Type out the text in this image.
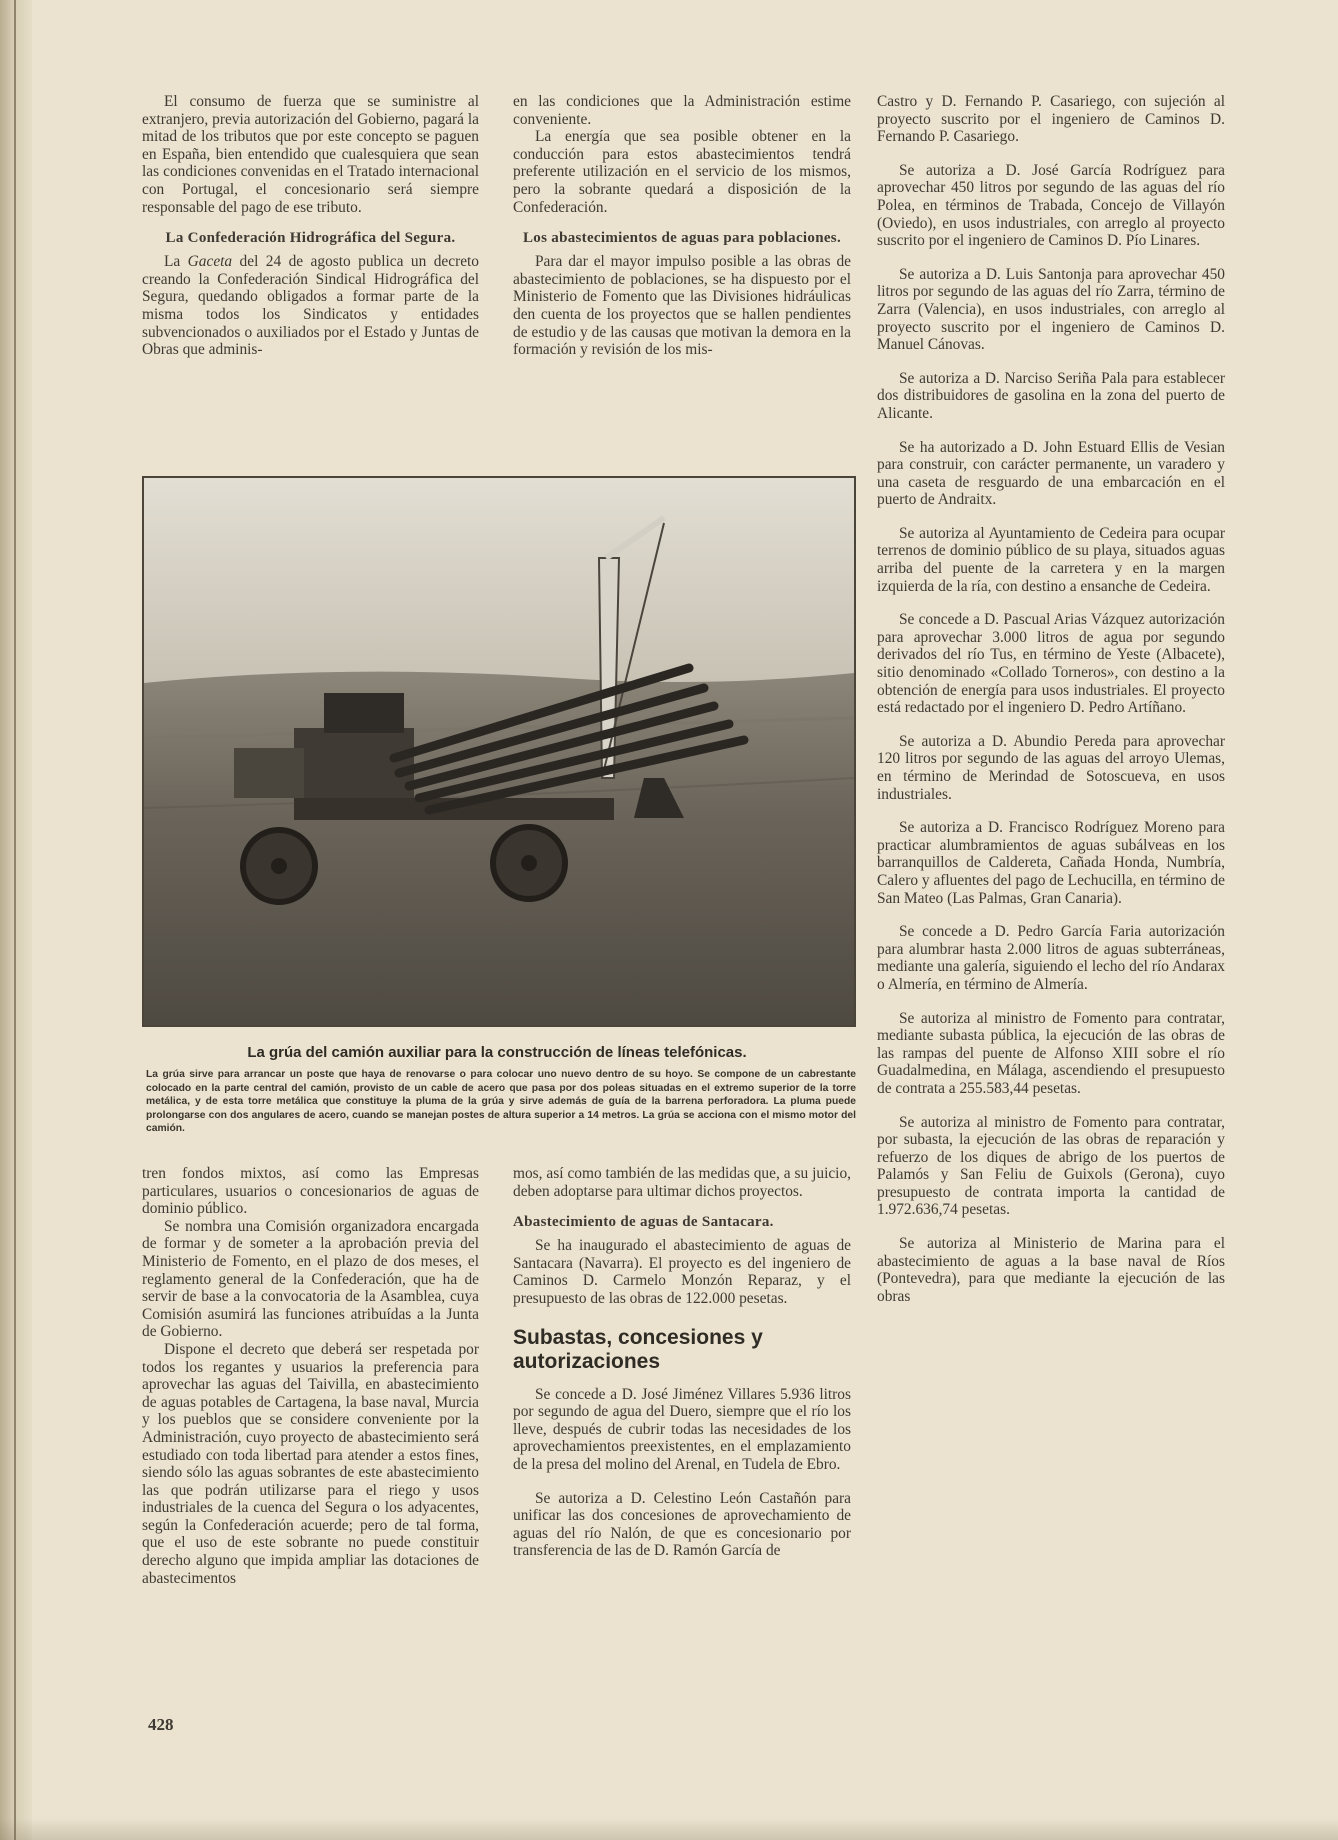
El consumo de fuerza que se suministre al extranjero, previa autorización del Gobierno, pagará la mitad de los tributos que por este concepto se paguen en España, bien entendido que cualesquiera que sean las condiciones convenidas en el Tratado internacional con Portugal, el concesionario será siempre responsable del pago de ese tributo.

La Confederación Hidrográfica del Segura.

La Gaceta del 24 de agosto publica un decreto creando la Confederación Sindical Hidrográfica del Segura, quedando obligados a formar parte de la misma todos los Sindicatos y entidades subvencionados o auxiliados por el Estado y Juntas de Obras que adminis-

en las condiciones que la Administración estime conveniente.

La energía que sea posible obtener en la conducción para estos abastecimientos tendrá preferente utilización en el servicio de los mismos, pero la sobrante quedará a disposición de la Confederación.

Los abastecimientos de aguas para poblaciones.

Para dar el mayor impulso posible a las obras de abastecimiento de poblaciones, se ha dispuesto por el Ministerio de Fomento que las Divisiones hidráulicas den cuenta de los proyectos que se hallen pendientes de estudio y de las causas que motivan la demora en la formación y revisión de los mis-

La grúa del camión auxiliar para la construcción de líneas telefónicas.
La grúa sirve para arrancar un poste que haya de renovarse o para colocar uno nuevo dentro de su hoyo. Se compone de un cabrestante colocado en la parte central del camión, provisto de un cable de acero que pasa por dos poleas situadas en el extremo superior de la torre metálica, y de esta torre metálica que constituye la pluma de la grúa y sirve además de guía de la barrena perforadora. La pluma puede prolongarse con dos angulares de acero, cuando se manejan postes de altura superior a 14 metros. La grúa se acciona con el mismo motor del camión.

tren fondos mixtos, así como las Empresas particulares, usuarios o concesionarios de aguas de dominio público.

Se nombra una Comisión organizadora encargada de formar y de someter a la aprobación previa del Ministerio de Fomento, en el plazo de dos meses, el reglamento general de la Confederación, que ha de servir de base a la convocatoria de la Asamblea, cuya Comisión asumirá las funciones atribuídas a la Junta de Gobierno.

Dispone el decreto que deberá ser respetada por todos los regantes y usuarios la preferencia para aprovechar las aguas del Taivilla, en abastecimiento de aguas potables de Cartagena, la base naval, Murcia y los pueblos que se considere conveniente por la Administración, cuyo proyecto de abastecimiento será estudiado con toda libertad para atender a estos fines, siendo sólo las aguas sobrantes de este abastecimiento las que podrán utilizarse para el riego y usos industriales de la cuenca del Segura o los adyacentes, según la Confederación acuerde; pero de tal forma, que el uso de este sobrante no puede constituir derecho alguno que impida ampliar las dotaciones de abastecimentos

mos, así como también de las medidas que, a su juicio, deben adoptarse para ultimar dichos proyectos.

Abastecimiento de aguas de Santacara.

Se ha inaugurado el abastecimiento de aguas de Santacara (Navarra). El proyecto es del ingeniero de Caminos D. Carmelo Monzón Reparaz, y el presupuesto de las obras de 122.000 pesetas.

Subastas, concesiones y autorizaciones

Se concede a D. José Jiménez Villares 5.936 litros por segundo de agua del Duero, siempre que el río los lleve, después de cubrir todas las necesidades de los aprovechamientos preexistentes, en el emplazamiento de la presa del molino del Arenal, en Tudela de Ebro.

Se autoriza a D. Celestino León Castañón para unificar las dos concesiones de aprovechamiento de aguas del río Nalón, de que es concesionario por transferencia de las de D. Ramón García de

Castro y D. Fernando P. Casariego, con sujeción al proyecto suscrito por el ingeniero de Caminos D. Fernando P. Casariego.

Se autoriza a D. José García Rodríguez para aprovechar 450 litros por segundo de las aguas del río Polea, en términos de Trabada, Concejo de Villayón (Oviedo), en usos industriales, con arreglo al proyecto suscrito por el ingeniero de Caminos D. Pío Linares.

Se autoriza a D. Luis Santonja para aprovechar 450 litros por segundo de las aguas del río Zarra, término de Zarra (Valencia), en usos industriales, con arreglo al proyecto suscrito por el ingeniero de Caminos D. Manuel Cánovas.

Se autoriza a D. Narciso Seriña Pala para establecer dos distribuidores de gasolina en la zona del puerto de Alicante.

Se ha autorizado a D. John Estuard Ellis de Vesian para construir, con carácter permanente, un varadero y una caseta de resguardo de una embarcación en el puerto de Andraitx.

Se autoriza al Ayuntamiento de Cedeira para ocupar terrenos de dominio público de su playa, situados aguas arriba del puente de la carretera y en la margen izquierda de la ría, con destino a ensanche de Cedeira.

Se concede a D. Pascual Arias Vázquez autorización para aprovechar 3.000 litros de agua por segundo derivados del río Tus, en término de Yeste (Albacete), sitio denominado «Collado Torneros», con destino a la obtención de energía para usos industriales. El proyecto está redactado por el ingeniero D. Pedro Artíñano.

Se autoriza a D. Abundio Pereda para aprovechar 120 litros por segundo de las aguas del arroyo Ulemas, en término de Merindad de Sotoscueva, en usos industriales.

Se autoriza a D. Francisco Rodríguez Moreno para practicar alumbramientos de aguas subálveas en los barranquillos de Caldereta, Cañada Hondа, Numbría, Calero y afluentes del pago de Lechucilla, en término de San Mateo (Las Palmas, Gran Canaria).

Se concede a D. Pedro García Faria autorización para alumbrar hasta 2.000 litros de aguas subterráneas, mediante una galería, siguiendo el lecho del río Andarax o Almería, en término de Almería.

Se autoriza al ministro de Fomento para contratar, mediante subasta pública, la ejecución de las obras de las rampas del puente de Alfonso XIII sobre el río Guadalmedina, en Málaga, ascendiendo el presupuesto de contrata a 255.583,44 pesetas.

Se autoriza al ministro de Fomento para contratar, por subasta, la ejecución de las obras de reparación y refuerzo de los diques de abrigo de los puertos de Palamós y San Feliu de Guixols (Gerona), cuyo presupuesto de contrata importa la cantidad de 1.972.636,74 pesetas.

Se autoriza al Ministerio de Marina para el abastecimiento de aguas a la base naval de Ríos (Pontevedra), para que mediante la ejecución de las obras

428
